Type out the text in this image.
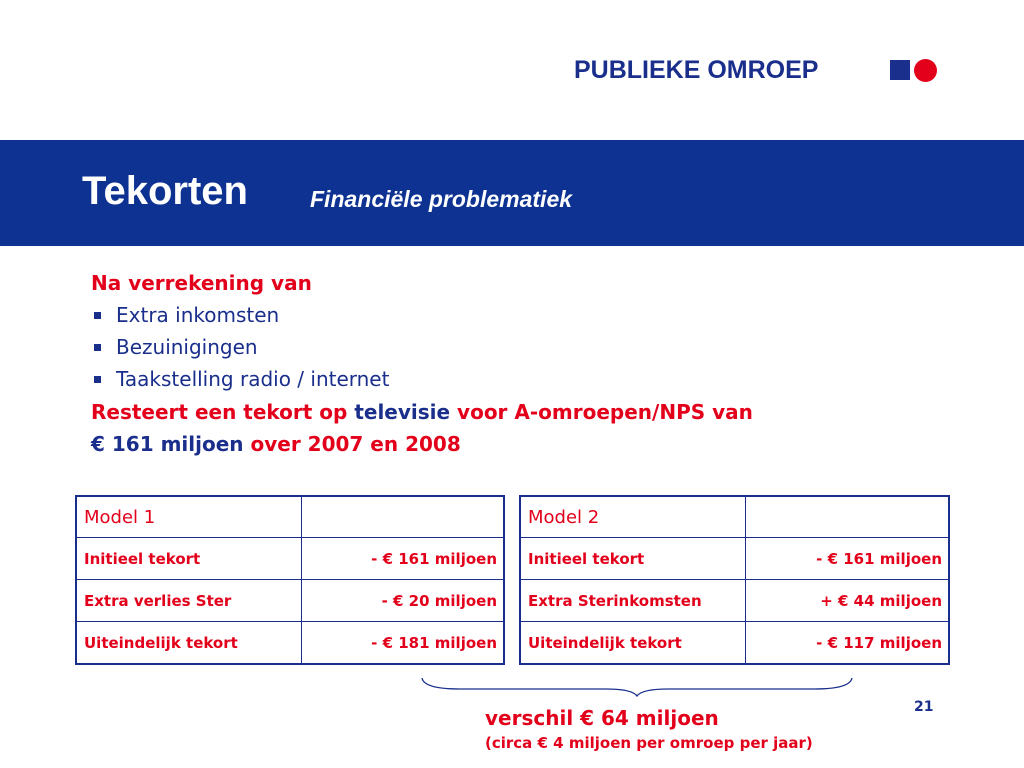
PUBLIEKE OMROEP
Tekorten	Financiële problematiek
Na verrekening van
Extra inkomsten
Bezuinigingen
Taakstelling radio / internet
Resteert een tekort op televisie voor A-omroepen/NPS van
€ 161 miljoen over 2007 en 2008
Model 1	
Initieel tekort	- € 161 miljoen
Extra verlies Ster	- € 20 miljoen
Uiteindelijk tekort	- € 181 miljoen
Model 2	
Initieel tekort	- € 161 miljoen
Extra Sterinkomsten	+ € 44 miljoen
Uiteindelijk tekort	- € 117 miljoen
21
verschil € 64 miljoen
(circa € 4 miljoen per omroep per jaar)
